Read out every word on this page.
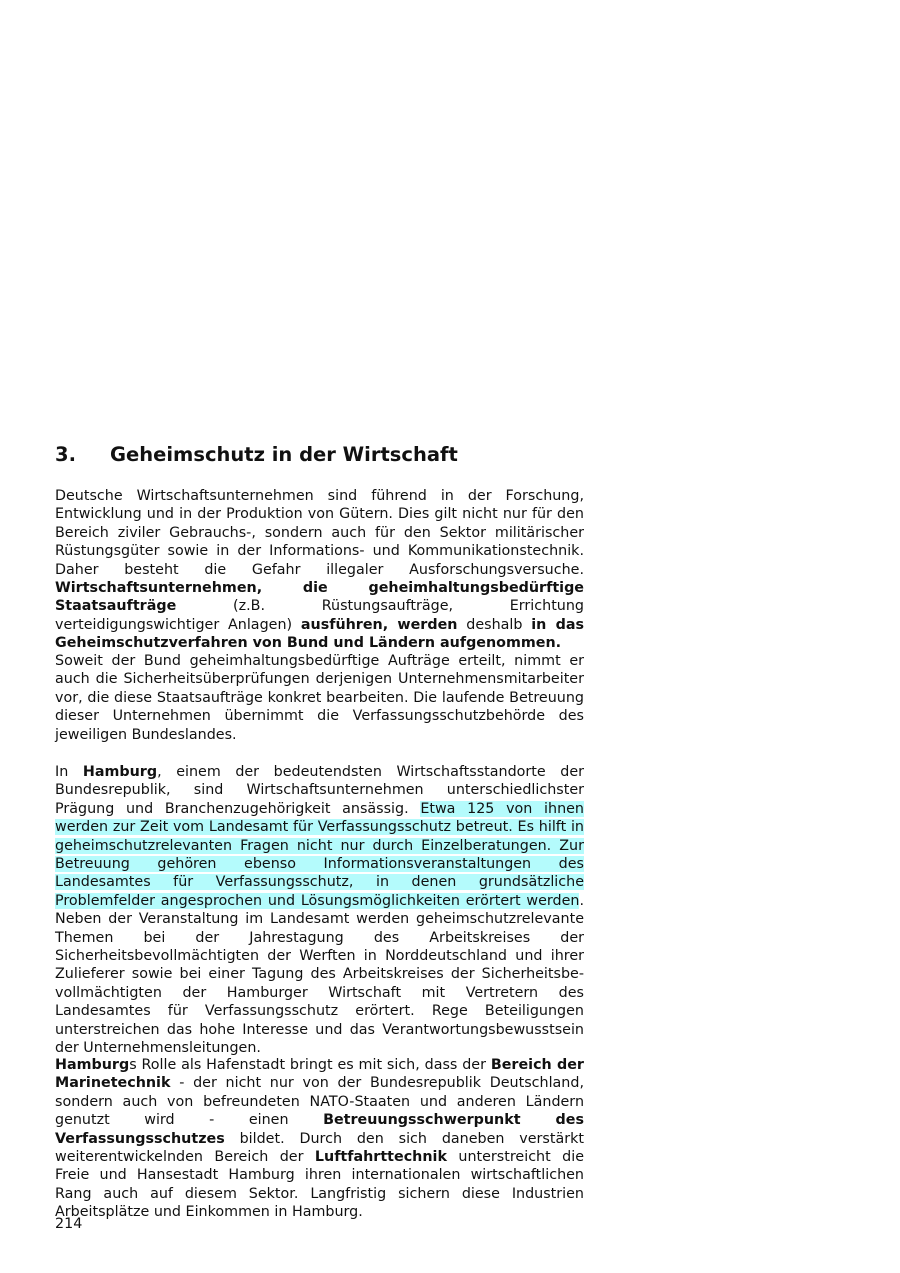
3. Geheimschutz in der Wirtschaft

Deutsche Wirtschaftsunternehmen sind führend in der Forschung, Entwicklung und in der Produktion von Gütern. Dies gilt nicht nur für den Bereich ziviler Gebrauchs-, sondern auch für den Sektor militärischer Rüstungsgüter sowie in der Informations- und Kommunikationstechnik. Daher besteht die Gefahr illegaler Ausforschungsversuche. Wirtschaftsunternehmen, die geheimhaltungsbedürftige Staatsaufträge (z.B. Rüstungsaufträge, Errichtung verteidigungswichtiger Anlagen) ausführen, werden deshalb in das Geheimschutzverfahren von Bund und Ländern aufgenommen.

Soweit der Bund geheimhaltungsbedürftige Aufträge erteilt, nimmt er auch die Sicherheitsüberprüfungen derjenigen Unternehmensmitarbeiter vor, die diese Staatsaufträge konkret bearbeiten. Die laufende Betreuung dieser Unternehmen übernimmt die Verfassungsschutzbehörde des jeweiligen Bundeslandes.

In Hamburg, einem der bedeutendsten Wirtschaftsstandorte der Bundesrepublik, sind Wirtschaftsunternehmen unterschiedlichster Prägung und Branchenzugehörigkeit ansässig. Etwa 125 von ihnen werden zur Zeit vom Landesamt für Verfassungsschutz betreut. Es hilft in geheimschutzrelevanten Fragen nicht nur durch Einzelberatungen. Zur Betreuung gehören ebenso Informationsveranstaltungen des Landesamtes für Verfassungsschutz, in denen grundsätzliche Problemfelder angesprochen und Lösungsmöglichkeiten erörtert werden. Neben der Veranstaltung im Landesamt werden geheimschutzrelevante Themen bei der Jahrestagung des Arbeitskreises der Sicherheitsbevollmächtigten der Werften in Norddeutschland und ihrer Zulieferer sowie bei einer Tagung des Arbeitskreises der Sicherheitsbevollmächtigten der Hamburger Wirtschaft mit Vertretern des Landesamtes für Verfassungsschutz erörtert. Rege Beteiligungen unterstreichen das hohe Interesse und das Verantwortungsbewusstsein der Unternehmensleitungen.

Hamburgs Rolle als Hafenstadt bringt es mit sich, dass der Bereich der Marinetechnik - der nicht nur von der Bundesrepublik Deutschland, sondern auch von befreundeten NATO-Staaten und anderen Ländern genutzt wird - einen Betreuungsschwerpunkt des Verfassungsschutzes bildet. Durch den sich daneben verstärkt weiterentwickelnden Bereich der Luftfahrttechnik unterstreicht die Freie und Hansestadt Hamburg ihren internationalen wirtschaftlichen Rang auch auf diesem Sektor. Langfristig sichern diese Industrien Arbeitsplätze und Einkommen in Hamburg.

214
